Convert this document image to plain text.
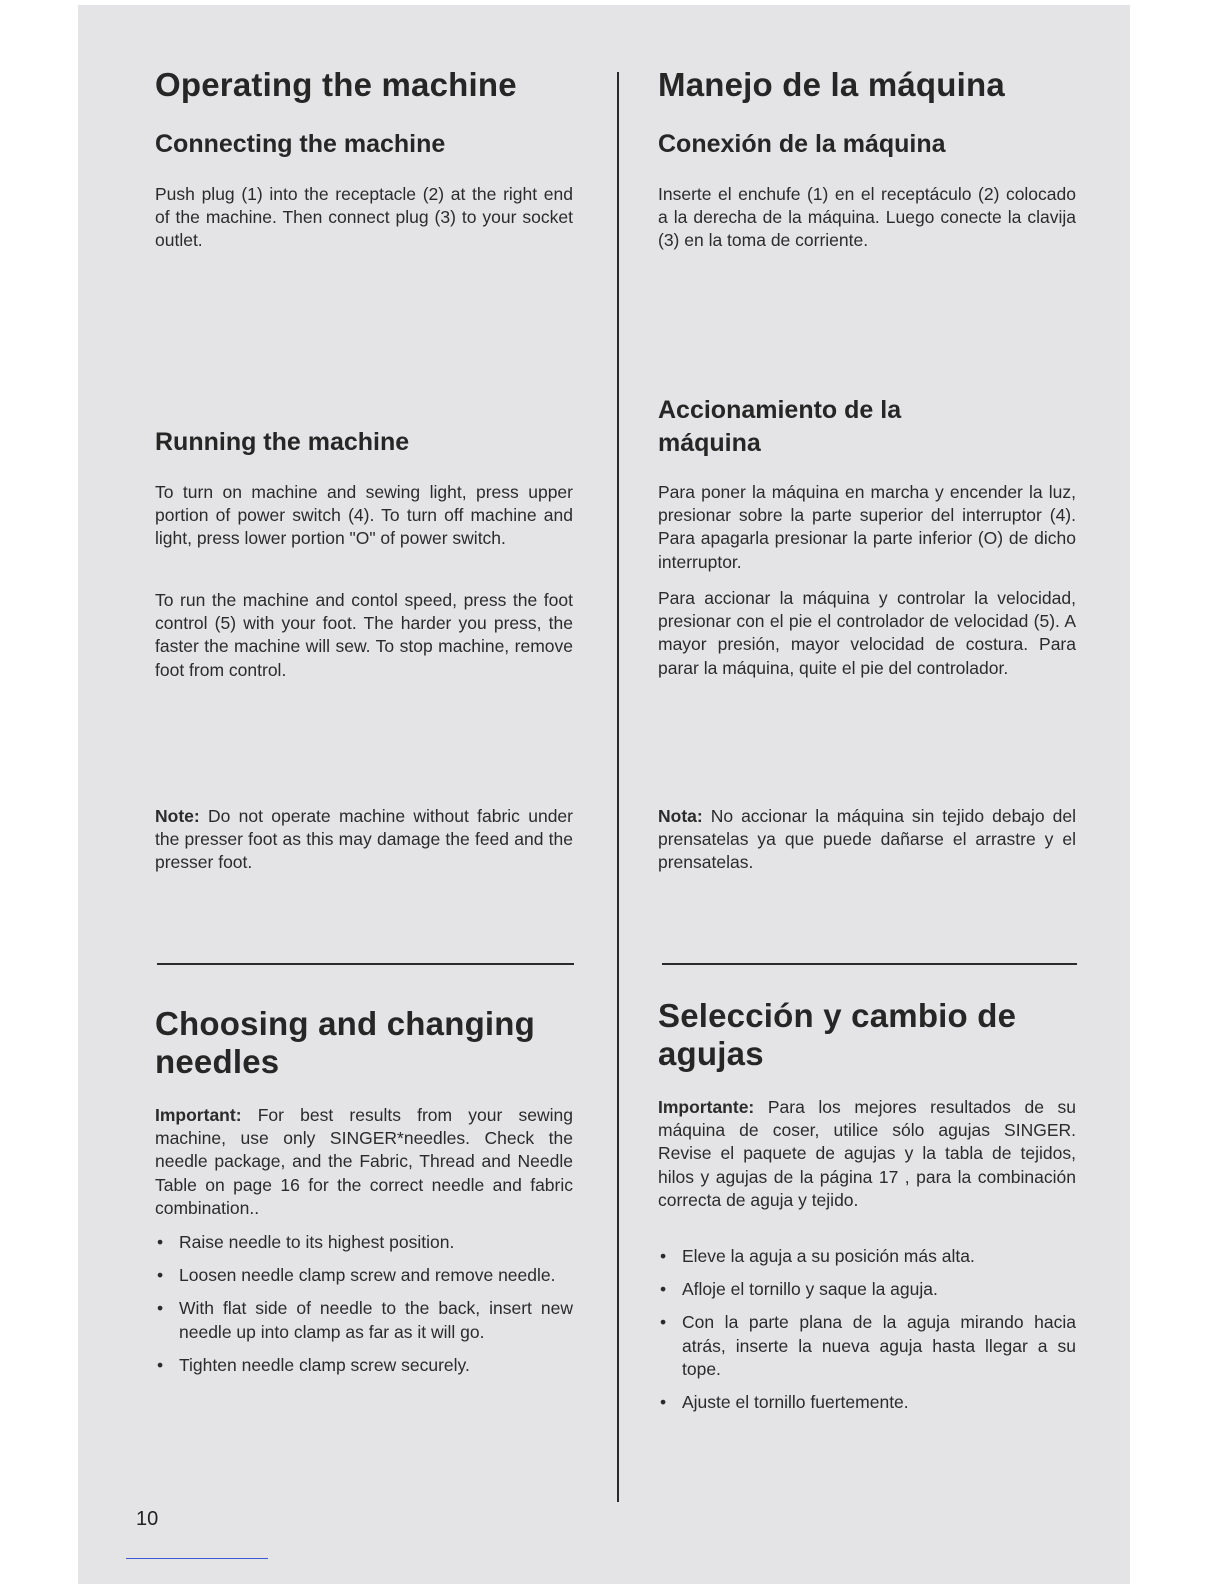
Operating the machine
Connecting the machine

Push plug (1) into the receptacle (2) at the right end of the machine. Then connect plug (3) to your socket outlet.

Running the machine

To turn on machine and sewing light, press upper portion of power switch (4). To turn off machine and light, press lower portion "O" of power switch.

To run the machine and contol speed, press the foot control (5) with your foot. The harder you press, the faster the machine will sew. To stop machine, remove foot from control.

Note: Do not operate machine without fabric under the presser foot as this may damage the feed and the presser foot.

Choosing and changing needles

Important: For best results from your sewing machine, use only SINGER*needles. Check the needle package, and the Fabric, Thread and Needle Table on page 16 for the correct needle and fabric combination..

• Raise needle to its highest position.
• Loosen needle clamp screw and remove needle.
• With flat side of needle to the back, insert new needle up into clamp as far as it will go.
• Tighten needle clamp screw securely.
Manejo de la máquina
Conexión de la máquina

Inserte el enchufe (1) en el receptáculo (2) colocado a la derecha de la máquina. Luego conecte la clavija (3) en la toma de corriente.

Accionamiento de la máquina

Para poner la máquina en marcha y encender la luz, presionar sobre la parte superior del interruptor (4). Para apagarla presionar la parte inferior (O) de dicho interruptor.

Para accionar la máquina y controlar la velocidad, presionar con el pie el controlador de velocidad (5). A mayor presión, mayor velocidad de costura. Para parar la máquina, quite el pie del controlador.

Nota: No accionar la máquina sin tejido debajo del prensatelas ya que puede dañarse el arrastre y el prensatelas.

Selección y cambio de agujas

Importante: Para los mejores resultados de su máquina de coser, utilice sólo agujas SINGER. Revise el paquete de agujas y la tabla de tejidos, hilos y agujas de la página 17 , para la combinación correcta de aguja y tejido.

• Eleve la aguja a su posición más alta.
• Afloje el tornillo y saque la aguja.
• Con la parte plana de la aguja mirando hacia atrás, inserte la nueva aguja hasta llegar a su tope.
• Ajuste el tornillo fuertemente.
10
